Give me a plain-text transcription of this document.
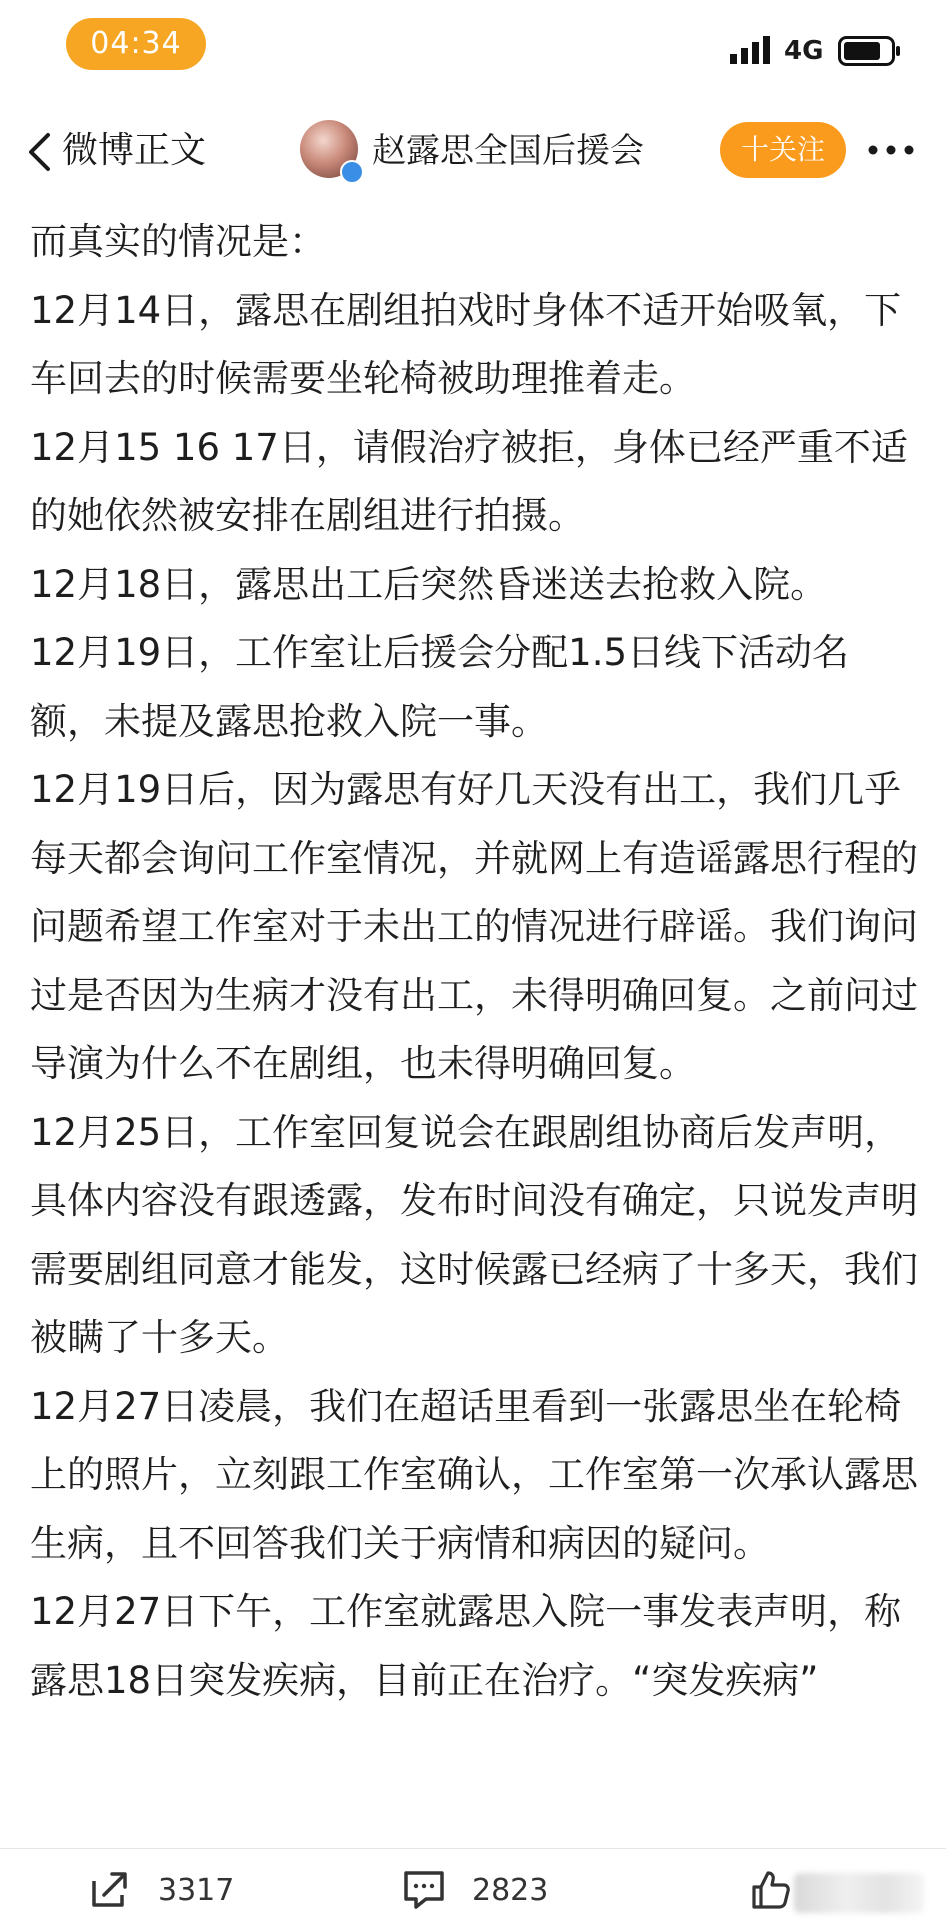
04:34	4G
微博正文	赵露思全国后援会	十关注

而真实的情况是：

12月14日，露思在剧组拍戏时身体不适开始吸氧，下车回去的时候需要坐轮椅被助理推着走。

12月15 16 17日，请假治疗被拒，身体已经严重不适的她依然被安排在剧组进行拍摄。

12月18日，露思出工后突然昏迷送去抢救入院。

12月19日，工作室让后援会分配1.5日线下活动名额，未提及露思抢救入院一事。

12月19日后，因为露思有好几天没有出工，我们几乎每天都会询问工作室情况，并就网上有造谣露思行程的问题希望工作室对于未出工的情况进行辟谣。我们询问过是否因为生病才没有出工，未得明确回复。之前问过导演为什么不在剧组，也未得明确回复。

12月25日，工作室回复说会在跟剧组协商后发声明，具体内容没有跟透露，发布时间没有确定，只说发声明需要剧组同意才能发，这时候露已经病了十多天，我们被瞒了十多天。

12月27日凌晨，我们在超话里看到一张露思坐在轮椅上的照片，立刻跟工作室确认，工作室第一次承认露思生病，且不回答我们关于病情和病因的疑问。

12月27日下午，工作室就露思入院一事发表声明，称露思18日突发疾病，目前正在治疗。“突发疾病”

3317	2823
